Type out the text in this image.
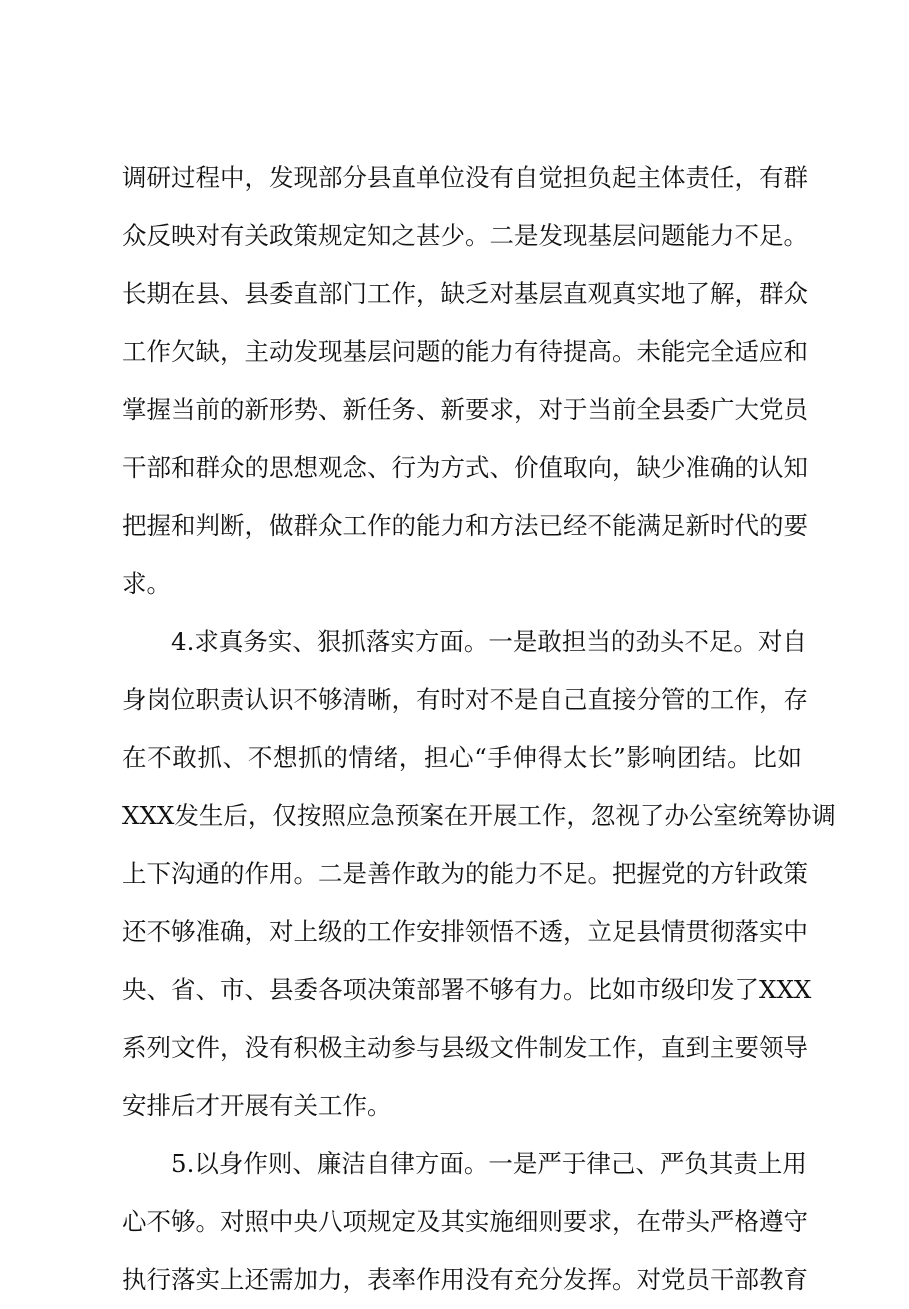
调研过程中，发现部分县直单位没有自觉担负起主体责任，有群
众反映对有关政策规定知之甚少。二是发现基层问题能力不足。
长期在县、县委直部门工作，缺乏对基层直观真实地了解，群众
工作欠缺，主动发现基层问题的能力有待提高。未能完全适应和
掌握当前的新形势、新任务、新要求，对于当前全县委广大党员
干部和群众的思想观念、行为方式、价值取向，缺少准确的认知
把握和判断，做群众工作的能力和方法已经不能满足新时代的要
求。
4.求真务实、狠抓落实方面。一是敢担当的劲头不足。对自
身岗位职责认识不够清晰，有时对不是自己直接分管的工作，存
在不敢抓、不想抓的情绪，担心“手伸得太长”影响团结。比如
XXX发生后，仅按照应急预案在开展工作，忽视了办公室统筹协调
上下沟通的作用。二是善作敢为的能力不足。把握党的方针政策
还不够准确，对上级的工作安排领悟不透，立足县情贯彻落实中
央、省、市、县委各项决策部署不够有力。比如市级印发了XXX
系列文件，没有积极主动参与县级文件制发工作，直到主要领导
安排后才开展有关工作。
5.以身作则、廉洁自律方面。一是严于律己、严负其责上用
心不够。对照中央八项规定及其实施细则要求，在带头严格遵守
执行落实上还需加力，表率作用没有充分发挥。对党员干部教育
